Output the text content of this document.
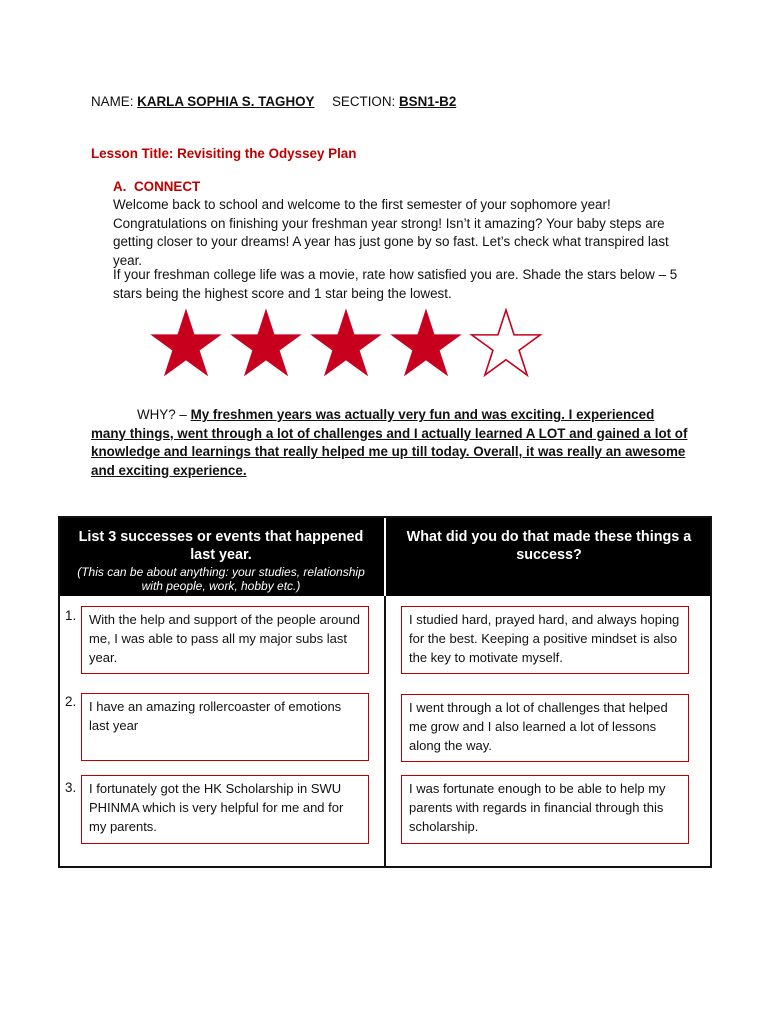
NAME: KARLA SOPHIA S. TAGHOY SECTION: BSN1-B2
Lesson Title: Revisiting the Odyssey Plan
A. CONNECT
Welcome back to school and welcome to the first semester of your sophomore year! Congratulations on finishing your freshman year strong! Isn’t it amazing? Your baby steps are getting closer to your dreams! A year has just gone by so fast. Let’s check what transpired last year.
If your freshman college life was a movie, rate how satisfied you are. Shade the stars below – 5 stars being the highest score and 1 star being the lowest.
WHY? – My freshmen years was actually very fun and was exciting. I experienced many things, went through a lot of challenges and I actually learned A LOT and gained a lot of knowledge and learnings that really helped me up till today. Overall, it was really an awesome and exciting experience.
List 3 successes or events that happened last year.
(This can be about anything: your studies, relationship with people, work, hobby etc.)
What did you do that made these things a success?
1. With the help and support of the people around me, I was able to pass all my major subs last year.
I studied hard, prayed hard, and always hoping for the best. Keeping a positive mindset is also the key to motivate myself.
2. I have an amazing rollercoaster of emotions last year
I went through a lot of challenges that helped me grow and I also learned a lot of lessons along the way.
3. I fortunately got the HK Scholarship in SWU PHINMA which is very helpful for me and for my parents.
I was fortunate enough to be able to help my parents with regards in financial through this scholarship.
